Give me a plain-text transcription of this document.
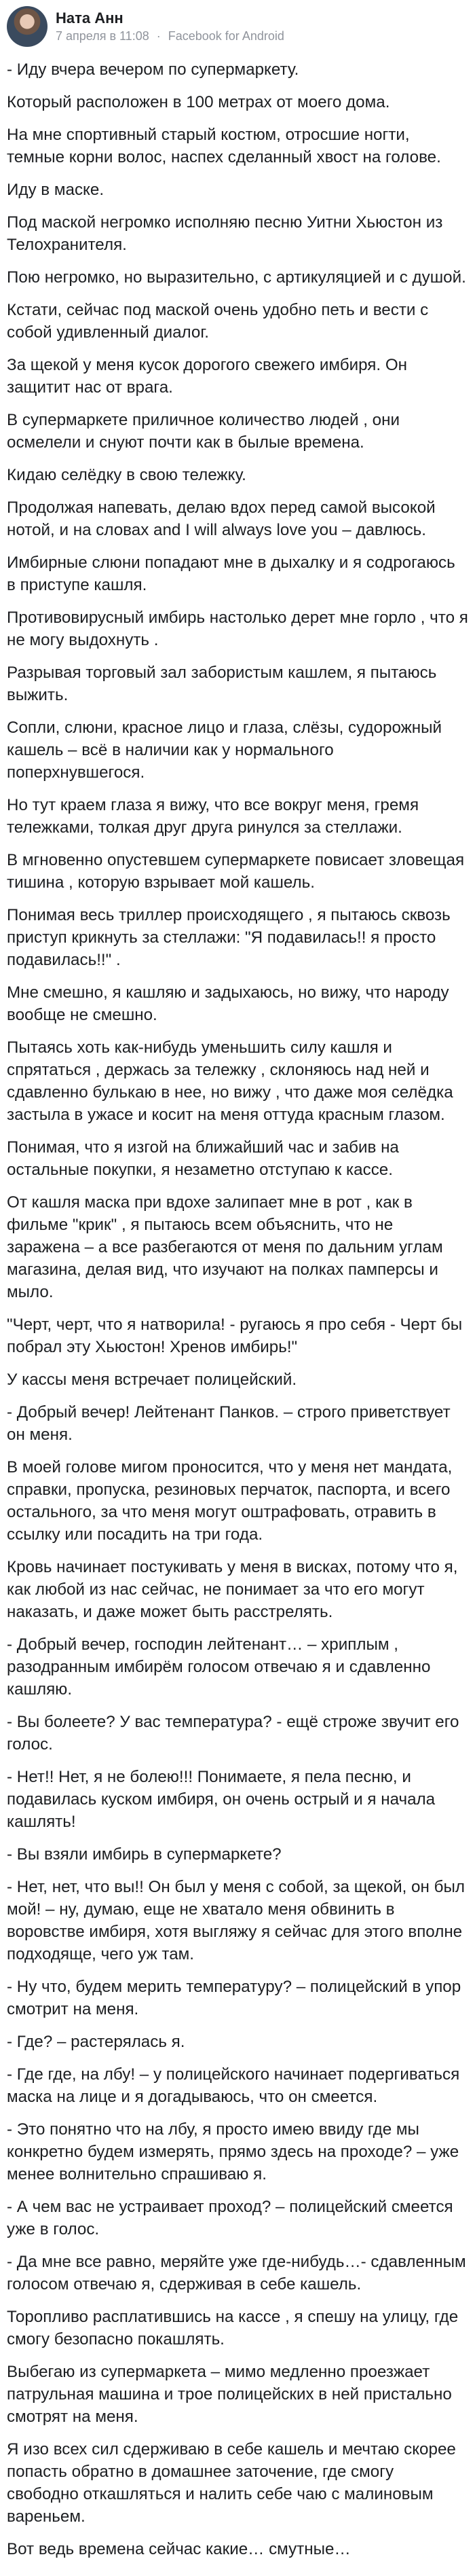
Ната Анн
7 апреля в 11:08 · Facebook for Android

- Иду вчера вечером по супермаркету.

Который расположен в 100 метрах от моего дома.

На мне спортивный старый костюм, отросшие ногти, темные корни волос, наспех сделанный хвост на голове.

Иду в маске.

Под маской негромко исполняю песню Уитни Хьюстон из Телохранителя.

Пою негромко, но выразительно, с артикуляцией и с душой.

Кстати, сейчас под маской очень удобно петь и вести с собой удивленный диалог.

За щекой у меня кусок дорогого свежего имбиря. Он защитит нас от врага.

В супермаркете приличное количество людей , они осмелели и снуют почти как в былые времена.

Кидаю селёдку в свою тележку.

Продолжая напевать, делаю вдох перед самой высокой нотой, и на словах and I will always love you – давлюсь.

Имбирные слюни попадают мне в дыхалку и я содрогаюсь в приступе кашля.

Противовирусный имбирь настолько дерет мне горло , что я не могу выдохнуть .

Разрывая торговый зал забористым кашлем, я пытаюсь выжить.

Сопли, слюни, красное лицо и глаза, слёзы, судорожный кашель – всё в наличии как у нормального поперхнувшегося.

Но тут краем глаза я вижу, что все вокруг меня, гремя тележками, толкая друг друга ринулся за стеллажи.

В мгновенно опустевшем супермаркете повисает зловещая тишина , которую взрывает мой кашель.

Понимая весь триллер происходящего , я пытаюсь сквозь приступ крикнуть за стеллажи: "Я подавилась!! я просто подавилась!!" .

Мне смешно, я кашляю и задыхаюсь, но вижу, что народу вообще не смешно.

Пытаясь хоть как-нибудь уменьшить силу кашля и спрятаться , держась за тележку , склоняюсь над ней и сдавленно булькаю в нее, но вижу , что даже моя селёдка застыла в ужасе и косит на меня оттуда красным глазом.

Понимая, что я изгой на ближайший час и забив на остальные покупки, я незаметно отступаю к кассе.

От кашля маска при вдохе залипает мне в рот , как в фильме "крик" , я пытаюсь всем объяснить, что не заражена – а все разбегаются от меня по дальним углам магазина, делая вид, что изучают на полках памперсы и мыло.

"Черт, черт, что я натворила! - ругаюсь я про себя - Черт бы побрал эту Хьюстон! Хренов имбирь!"

У кассы меня встречает полицейский.

- Добрый вечер! Лейтенант Панков. – строго приветствует он меня.

В моей голове мигом проносится, что у меня нет мандата, справки, пропуска, резиновых перчаток, паспорта, и всего остального, за что меня могут оштрафовать, отравить в ссылку или посадить на три года.

Кровь начинает постукивать у меня в висках, потому что я, как любой из нас сейчас, не понимает за что его могут наказать, и даже может быть расстрелять.

- Добрый вечер, господин лейтенант… – хриплым , разодранным имбирём голосом отвечаю я и сдавленно кашляю.

- Вы болеете? У вас температура? - ещё строже звучит его голос.

- Нет!! Нет, я не болею!!! Понимаете, я пела песню, и подавилась куском имбиря, он очень острый и я начала кашлять!

- Вы взяли имбирь в супермаркете?

- Нет, нет, что вы!! Он был у меня с собой, за щекой, он был мой! – ну, думаю, еще не хватало меня обвинить в воровстве имбиря, хотя выгляжу я сейчас для этого вполне подходяще, чего уж там.

- Ну что, будем мерить температуру? – полицейский в упор смотрит на меня.

- Где? – растерялась я.

- Где где, на лбу! – у полицейского начинает подергиваться маска на лице и я догадываюсь, что он смеется.

- Это понятно что на лбу, я просто имею ввиду где мы конкретно будем измерять, прямо здесь на проходе? – уже менее волнительно спрашиваю я.

- А чем вас не устраивает проход? – полицейский смеется уже в голос.

- Да мне все равно, меряйте уже где-нибудь…- сдавленным голосом отвечаю я, сдерживая в себе кашель.

Торопливо расплатившись на кассе , я спешу на улицу, где смогу безопасно покашлять.

Выбегаю из супермаркета – мимо медленно проезжает патрульная машина и трое полицейских в ней пристально смотрят на меня.

Я изо всех сил сдерживаю в себе кашель и мечтаю скорее попасть обратно в домашнее заточение, где смогу свободно откашляться и налить себе чаю с малиновым вареньем.

Вот ведь времена сейчас какие… смутные…
